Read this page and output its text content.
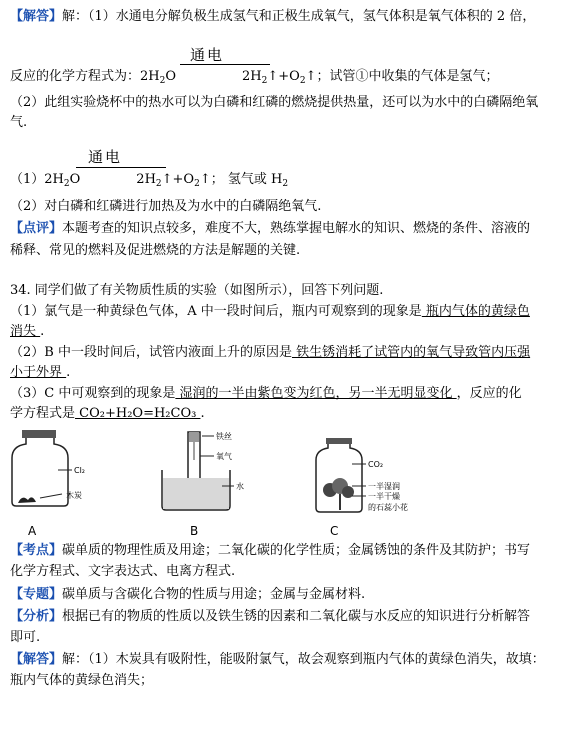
【解答】解：（1）水通电分解负极生成氢气和正极生成氧气，氢气体积是氧气体积的 2 倍，
通电
反应的化学方程式为：$2H_2O$	$2H_2↑+O_2↑$；试管①中收集的气体是氢气；
（2）此组实验烧杯中的热水可以为白磷和红磷的燃烧提供热量，还可以为水中的白磷隔绝氧
气.
通电
$(1)2H_2O$	$2H_2↑+O_2↑$； 氢气或 $H_2$
（2）对白磷和红磷进行加热及为水中的白磷隔绝氧气.
【点评】本题考查的知识点较多，难度不大，熟练掌握电解水的知识、燃烧的条件、溶液的
稀释、常见的燃料及促进燃烧的方法是解题的关键.
34. 同学们做了有关物质性质的实验（如图所示），回答下列问题.
（1）氯气是一种黄绿色气体，A 中一段时间后，瓶内可观察到的现象是 瓶内气体的黄绿色
消失 .
（2）B 中一段时间后，试管内液面上升的原因是 铁生锈消耗了试管内的氧气导致管内压强
小于外界 .
（3）C 中可观察到的现象是 湿润的一半由紫色变为红色，另一半无明显变化 ，反应的化
学方程式是 CO₂+H₂O=H₂CO₃ .
Cl₂
木炭
铁丝
氧气
水
CO₂
一半湿润
一半干燥
的石蕊小花
A	B	C
【考点】碳单质的物理性质及用途；二氧化碳的化学性质；金属锈蚀的条件及其防护；书写
化学方程式、文字表达式、电离方程式.
【专题】碳单质与含碳化合物的性质与用途；金属与金属材料.
【分析】根据已有的物质的性质以及铁生锈的因素和二氧化碳与水反应的知识进行分析解答
即可.
【解答】解：（1）木炭具有吸附性，能吸附氯气，故会观察到瓶内气体的黄绿色消失，故填：
瓶内气体的黄绿色消失；
